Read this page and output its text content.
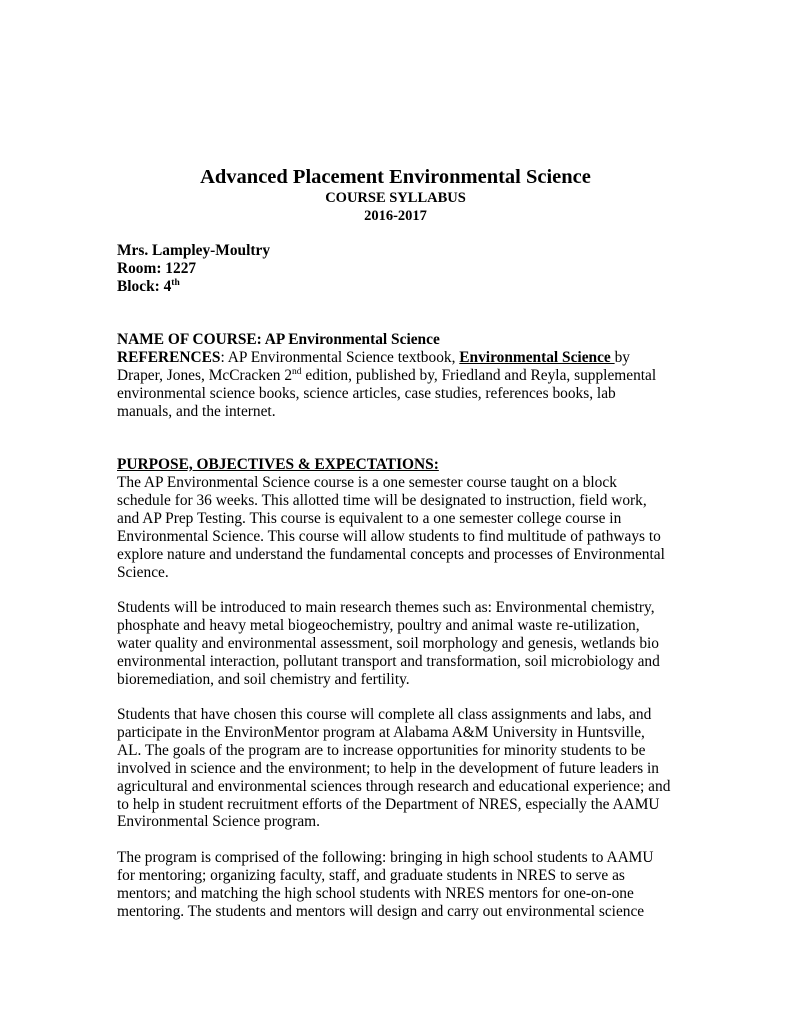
Advanced Placement Environmental Science
COURSE SYLLABUS
2016-2017
Mrs. Lampley-Moultry
Room: 1227
Block: 4th
NAME OF COURSE: AP Environmental Science
REFERENCES: AP Environmental Science textbook, Environmental Science by
Draper, Jones, McCracken 2nd edition, published by, Friedland and Reyla, supplemental
environmental science books, science articles, case studies, references books, lab
manuals, and the internet.
PURPOSE, OBJECTIVES & EXPECTATIONS:
The AP Environmental Science course is a one semester course taught on a block
schedule for 36 weeks. This allotted time will be designated to instruction, field work,
and AP Prep Testing. This course is equivalent to a one semester college course in
Environmental Science. This course will allow students to find multitude of pathways to
explore nature and understand the fundamental concepts and processes of Environmental
Science.
Students will be introduced to main research themes such as: Environmental chemistry,
phosphate and heavy metal biogeochemistry, poultry and animal waste re-utilization,
water quality and environmental assessment, soil morphology and genesis, wetlands bio
environmental interaction, pollutant transport and transformation, soil microbiology and
bioremediation, and soil chemistry and fertility.
Students that have chosen this course will complete all class assignments and labs, and
participate in the EnvironMentor program at Alabama A&M University in Huntsville,
AL. The goals of the program are to increase opportunities for minority students to be
involved in science and the environment; to help in the development of future leaders in
agricultural and environmental sciences through research and educational experience; and
to help in student recruitment efforts of the Department of NRES, especially the AAMU
Environmental Science program.
The program is comprised of the following: bringing in high school students to AAMU
for mentoring; organizing faculty, staff, and graduate students in NRES to serve as
mentors; and matching the high school students with NRES mentors for one-on-one
mentoring. The students and mentors will design and carry out environmental science
